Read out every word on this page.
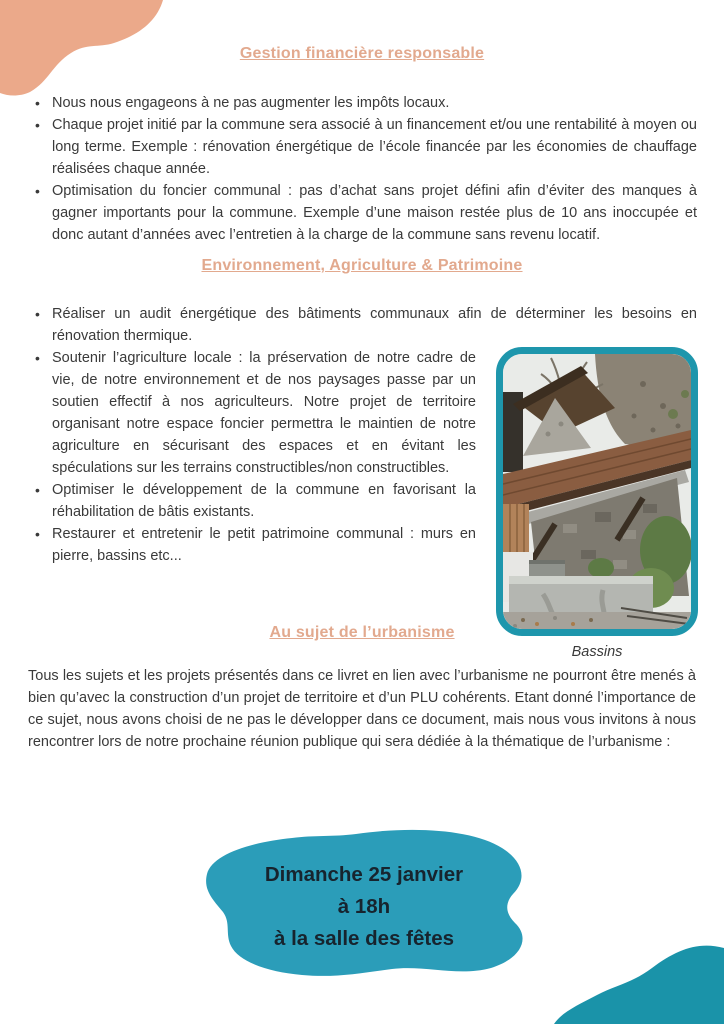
Gestion financière responsable
• Nous nous engageons à ne pas augmenter les impôts locaux.
• Chaque projet initié par la commune sera associé à un financement et/ou une rentabilité à moyen ou long terme. Exemple : rénovation énergétique de l’école financée par les économies de chauffage réalisées chaque année.
• Optimisation du foncier communal : pas d’achat sans projet défini afin d’éviter des manques à gagner importants pour la commune. Exemple d’une maison restée plus de 10 ans inoccupée et donc autant d’années avec l’entretien à la charge de la commune sans revenu locatif.
Environnement, Agriculture & Patrimoine
• Réaliser un audit énergétique des bâtiments communaux afin de déterminer les besoins en rénovation thermique.
• Soutenir l’agriculture locale : la préservation de notre cadre de vie, de notre environnement et de nos paysages passe par un soutien effectif à nos agriculteurs. Notre projet de territoire organisant notre espace foncier permettra le maintien de notre agriculture en sécurisant des espaces et en évitant les spéculations sur les terrains constructibles/non constructibles.
• Optimiser le développement de la commune en favorisant la réhabilitation de bâtis existants.
• Restaurer et entretenir le petit patrimoine communal : murs en pierre, bassins etc...
Au sujet de l’urbanisme

Tous les sujets et les projets présentés dans ce livret en lien avec l’urbanisme ne pourront être menés à bien qu’avec la construction d’un projet de territoire et d’un PLU cohérents. Etant donné l’importance de ce sujet, nous avons choisi de ne pas le développer dans ce document, mais nous vous invitons à nous rencontrer lors de notre prochaine réunion publique qui sera dédiée à la thématique de l’urbanisme :

Bassins
Dimanche 25 janvier
à 18h
à la salle des fêtes
